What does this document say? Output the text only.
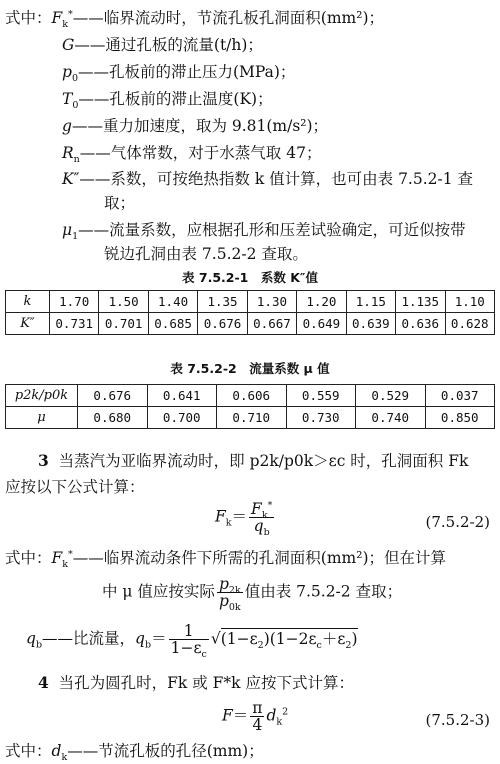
式中：$F_k^*——$临界流动时，节流孔板孔洞面积(mm²)；
G——通过孔板的流量(t/h)；
$p_0——$孔板前的滞止压力(MPa)；
$T_0——$孔板前的滞止温度(K)；
g——重力加速度，取为 9.81(m/s²)；
$R_n——$气体常数，对于水蒸气取 47；
K″——系数，可按绝热指数 k 值计算，也可由表 7.5.2-1 查
取；
$\mu_1——$流量系数，应根据孔形和压差试验确定，可近似按带
锐边孔洞由表 7.5.2-2 查取。
表 7.5.2-1　系数 K″值
k	1.70	1.50	1.40	1.35	1.30	1.20	1.15	1.135	1.10
K″	0.731	0.701	0.685	0.676	0.667	0.649	0.639	0.636	0.628
表 7.5.2-2　流量系数 μ 值
p2k/p0k	0.676	0.641	0.606	0.559	0.529	0.037
μ	0.680	0.700	0.710	0.730	0.740	0.850
3 当蒸汽为亚临界流动时，即 p2k/p0k＞εc 时，孔洞面积 Fk
应按以下公式计算：
$F_k= \frac{F_k^*}{q_b}$	(7.5.2-2)
式中：$F_k^*——$临界流动条件下所需的孔洞面积(mm²)；但在计算
中 μ 值应按实际 $\frac{p_{2k}}{p_{0k}}$ 值由表 7.5.2-2 查取；
$q_b——$比流量，$q_b= \frac{1}{1-\varepsilon_c} √(1-\varepsilon_2)(1-2\varepsilon_c+\varepsilon_2)$
4 当孔为圆孔时，Fk 或 F*k 应按下式计算：
$F= \frac{\pi}{4} d_k^2$	(7.5.2-3)
式中：$d_k——$节流孔板的孔径(mm)；
